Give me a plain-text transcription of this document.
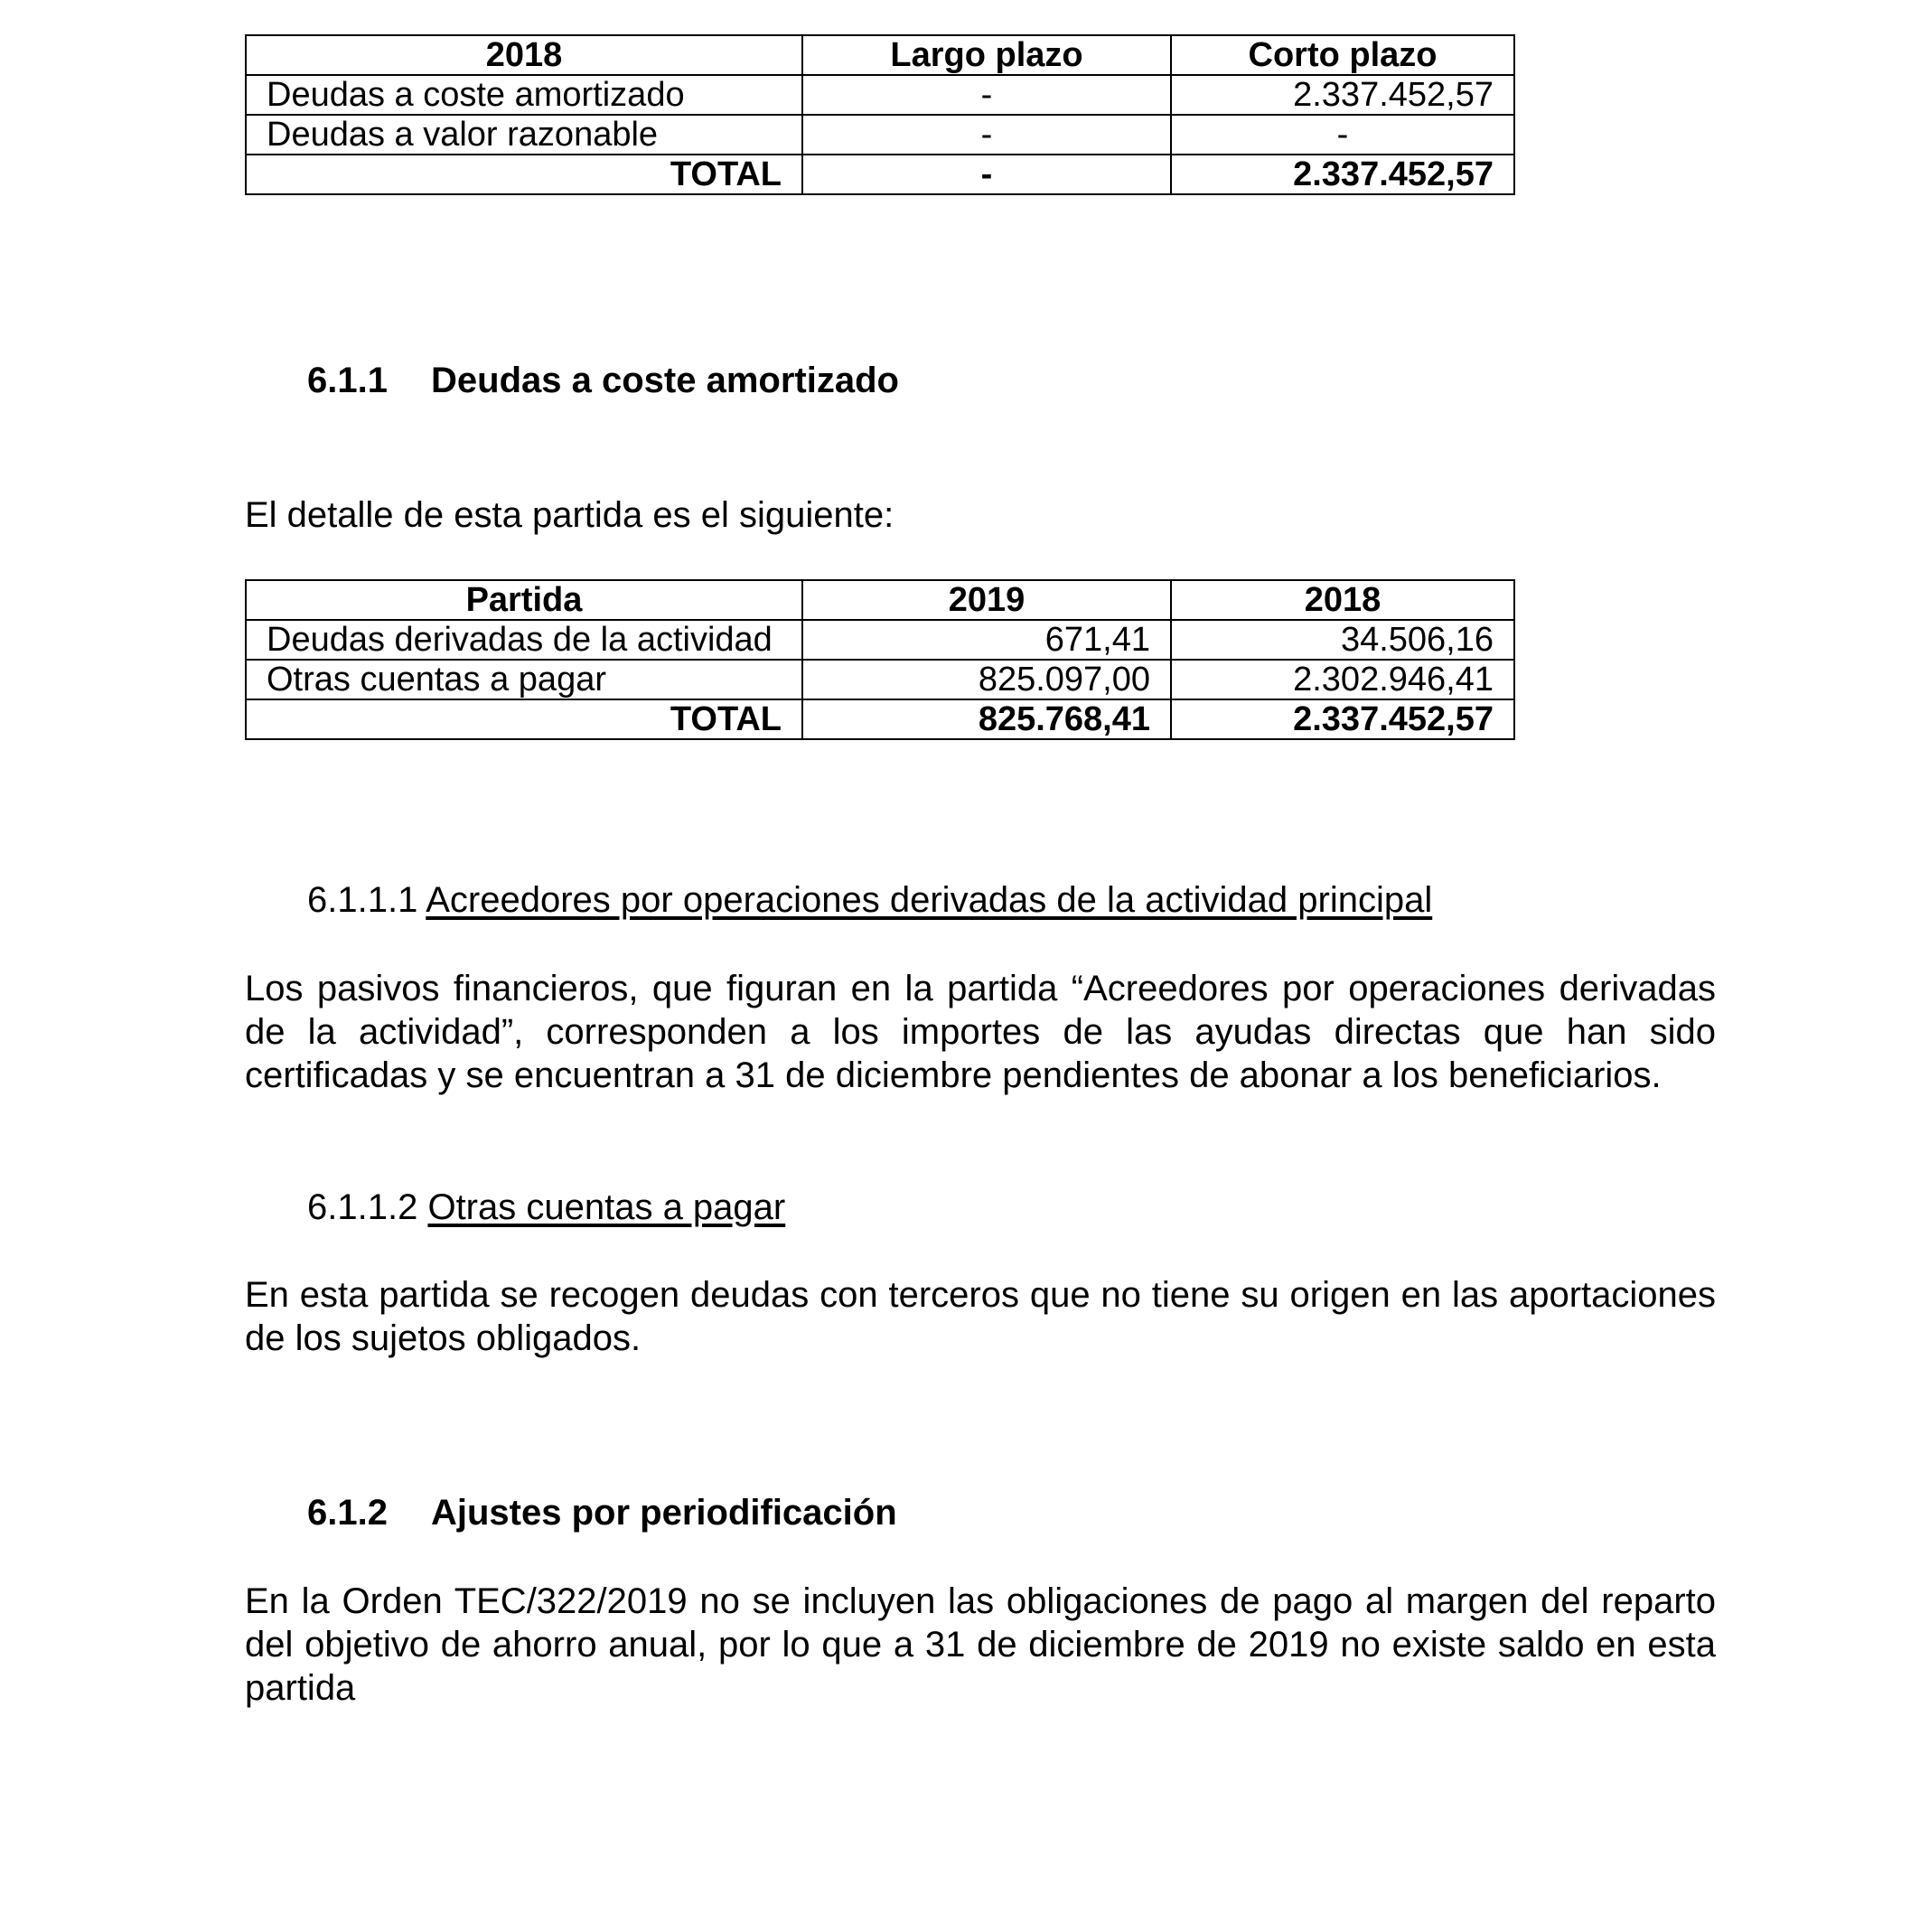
2018	Largo plazo	Corto plazo
Deudas a coste amortizado	-	2.337.452,57
Deudas a valor razonable	-	-
TOTAL	-	2.337.452,57
6.1.1 Deudas a coste amortizado

El detalle de esta partida es el siguiente:

Partida	2019	2018
Deudas derivadas de la actividad	671,41	34.506,16
Otras cuentas a pagar	825.097,00	2.302.946,41
TOTAL	825.768,41	2.337.452,57
6.1.1.1 Acreedores por operaciones derivadas de la actividad principal

Los pasivos financieros, que figuran en la partida “Acreedores por operaciones derivadas de la actividad”, corresponden a los importes de las ayudas directas que han sido certificadas y se encuentran a 31 de diciembre pendientes de abonar a los beneficiarios.

6.1.1.2 Otras cuentas a pagar

En esta partida se recogen deudas con terceros que no tiene su origen en las aportaciones de los sujetos obligados.

6.1.2 Ajustes por periodificación

En la Orden TEC/322/2019 no se incluyen las obligaciones de pago al margen del reparto del objetivo de ahorro anual, por lo que a 31 de diciembre de 2019 no existe saldo en esta partida
